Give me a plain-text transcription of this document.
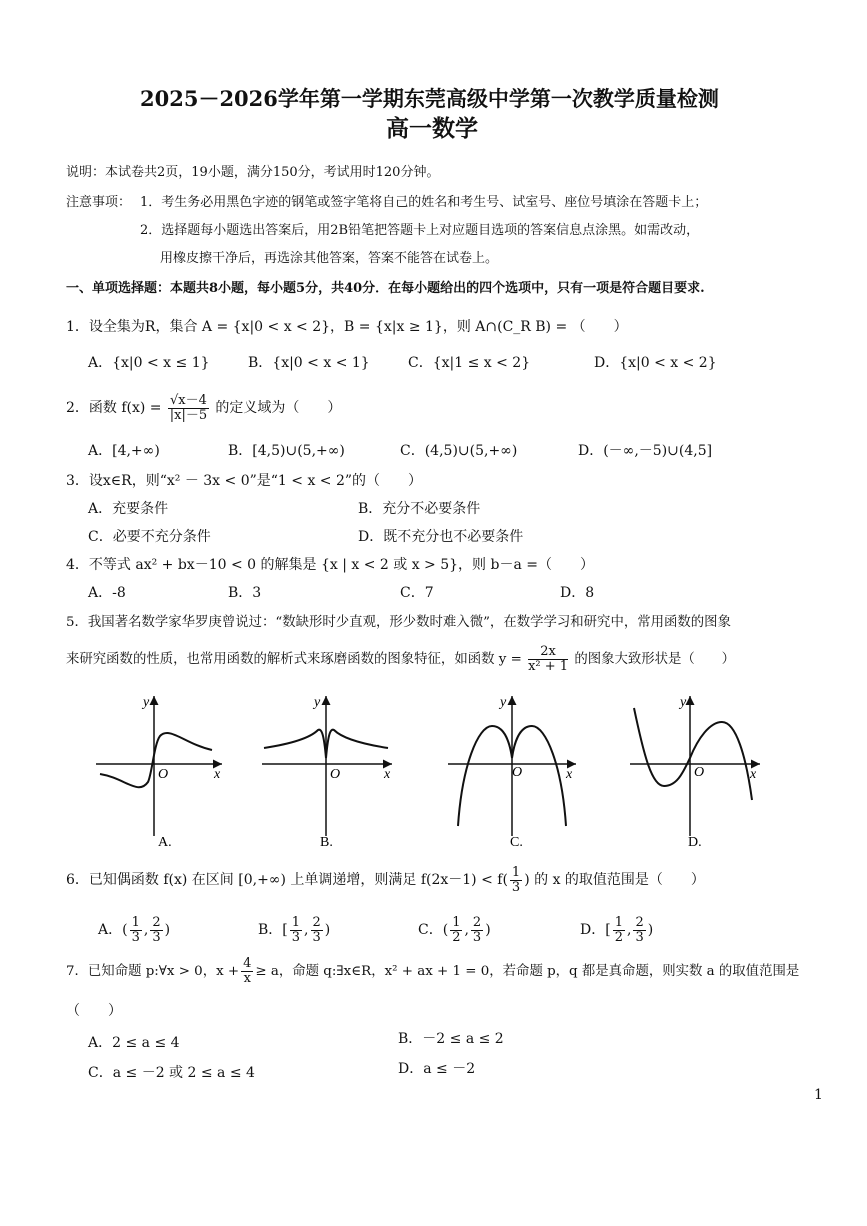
2025－2026学年第一学期东莞高级中学第一次教学质量检测
高一数学
说明：本试卷共2页，19小题，满分150分，考试用时120分钟。
注意事项： 1．考生务必用黑色字迹的钢笔或签字笔将自己的姓名和考生号、试室号、座位号填涂在答题卡上；
2．选择题每小题选出答案后，用2B铅笔把答题卡上对应题目选项的答案信息点涂黑。如需改动，
用橡皮擦干净后，再选涂其他答案，答案不能答在试卷上。
一、单项选择题：本题共8小题，每小题5分，共40分．在每小题给出的四个选项中，只有一项是符合题目要求.
1．设全集为R，集合 A = {x|0 < x < 2}，B = {x|x ≥ 1}，则 A∩(C_R B) = （　　）
A．{x|0 < x ≤ 1}	B．{x|0 < x < 1}	C．{x|1 ≤ x < 2}	D．{x|0 < x < 2}
2．函数 $f(x) = \frac{√x-4}{|x|-5}$ 的定义域为（　　）
A．[4,+∞)	B．[4,5)∪(5,+∞)	C．(4,5)∪(5,+∞)	D．(－∞,－5)∪(4,5]
3．设x∈R，则“x² － 3x < 0”是“1 < x < 2”的（　　）
A．充要条件	B．充分不必要条件
C．必要不充分条件	D．既不充分也不必要条件
4．不等式 ax² + bx－10 < 0 的解集是 {x | x < 2 或 x > 5}，则 b－a =（　　）
A．-8	B．3	C．7	D．8
5．我国著名数学家华罗庚曾说过：“数缺形时少直观，形少数时难入微”，在数学学习和研究中，常用函数的图象
来研究函数的性质，也常用函数的解析式来琢磨函数的图象特征，如函数 $y = \frac{2x}{\text{x² + 1}}$ 的图象大致形状是（　　）
y
x
O
A.
y
x
O
B.
y
x
O
C.
y
x
O
D.
6．已知偶函数 f(x) 在区间 [0,+∞) 上单调递增，则满足 $f(2x-1) < f( \frac{1}{3}$ ) 的 x 的取值范围是（　　）
A．( $\frac{1}{3}$ , $\frac{2}{3}$ )	B．[ $\frac{1}{3}$ , $\frac{2}{3}$ )	C．( $\frac{1}{2}$ , $\frac{2}{3}$ )	D．[ $\frac{1}{2}$ , $\frac{2}{3}$ )
7．已知命题 p:∀x > 0，$x + \frac{4}{x} \ge a$，命题 q:∃x∈R，x² + ax + 1 = 0，若命题 p，q 都是真命题，则实数 a 的取值范围是
（　　）
A．2 ≤ a ≤ 4	B．－2 ≤ a ≤ 2
C．a ≤ －2 或 2 ≤ a ≤ 4	D．a ≤ －2
1
